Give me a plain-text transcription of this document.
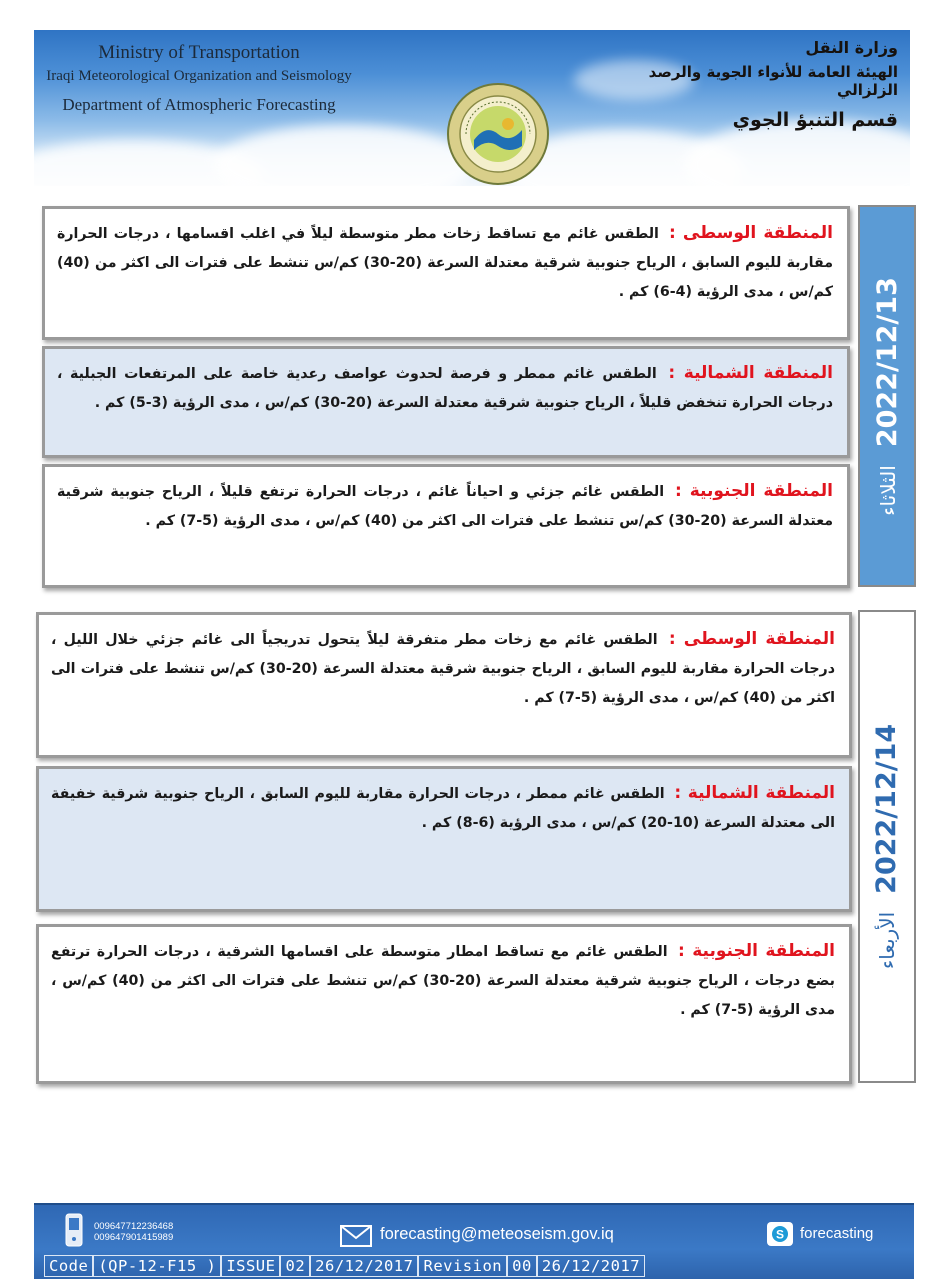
Ministry of Transportation
Iraqi Meteorological Organization and Seismology
Department of Atmospheric Forecasting
وزارة النقل
الهيئة العامة للأنواء الجوية والرصد الزلزالي
قسم التنبؤ الجوي
2022/12/13
الثلاثاء
المنطقة الوسطى : الطقس غائم مع تساقط زخات مطر متوسطة ليلاً في اغلب اقسامها ، درجات الحرارة مقاربة لليوم السابق ، الرياح جنوبية شرقية معتدلة السرعة (20-30) كم/س تنشط على فترات الى اكثر من (40) كم/س ، مدى الرؤية (4-6) كم .
المنطقة الشمالية : الطقس غائم ممطر و فرصة لحدوث عواصف رعدية خاصة على المرتفعات الجبلية ، درجات الحرارة تنخفض قليلاً ، الرياح جنوبية شرقية معتدلة السرعة (20-30) كم/س ، مدى الرؤية (3-5) كم .
المنطقة الجنوبية : الطقس غائم جزئي و احياناً غائم ، درجات الحرارة ترتفع قليلاً ، الرياح جنوبية شرقية معتدلة السرعة (20-30) كم/س تنشط على فترات الى اكثر من (40) كم/س ، مدى الرؤية (5-7) كم .
2022/12/14
الأربعاء
المنطقة الوسطى : الطقس غائم مع زخات مطر متفرقة ليلاً يتحول تدريجياً الى غائم جزئي خلال الليل ، درجات الحرارة مقاربة لليوم السابق ، الرياح جنوبية شرقية معتدلة السرعة (20-30) كم/س تنشط على فترات الى اكثر من (40) كم/س ، مدى الرؤية (5-7) كم .
المنطقة الشمالية : الطقس غائم ممطر ، درجات الحرارة مقاربة لليوم السابق ، الرياح جنوبية شرقية خفيفة الى معتدلة السرعة (10-20) كم/س ، مدى الرؤية (6-8) كم .
المنطقة الجنوبية : الطقس غائم مع تساقط امطار متوسطة على اقسامها الشرقية ، درجات الحرارة ترتفع بضع درجات ، الرياح جنوبية شرقية معتدلة السرعة (20-30) كم/س تنشط على فترات الى اكثر من (40) كم/س ، مدى الرؤية (5-7) كم .
009647712236468
009647901415989	forecasting@meteoseism.gov.iq	S forecasting
Code (QP-12-F15 ) ISSUE 02 26/12/2017 Revision 00 26/12/2017
